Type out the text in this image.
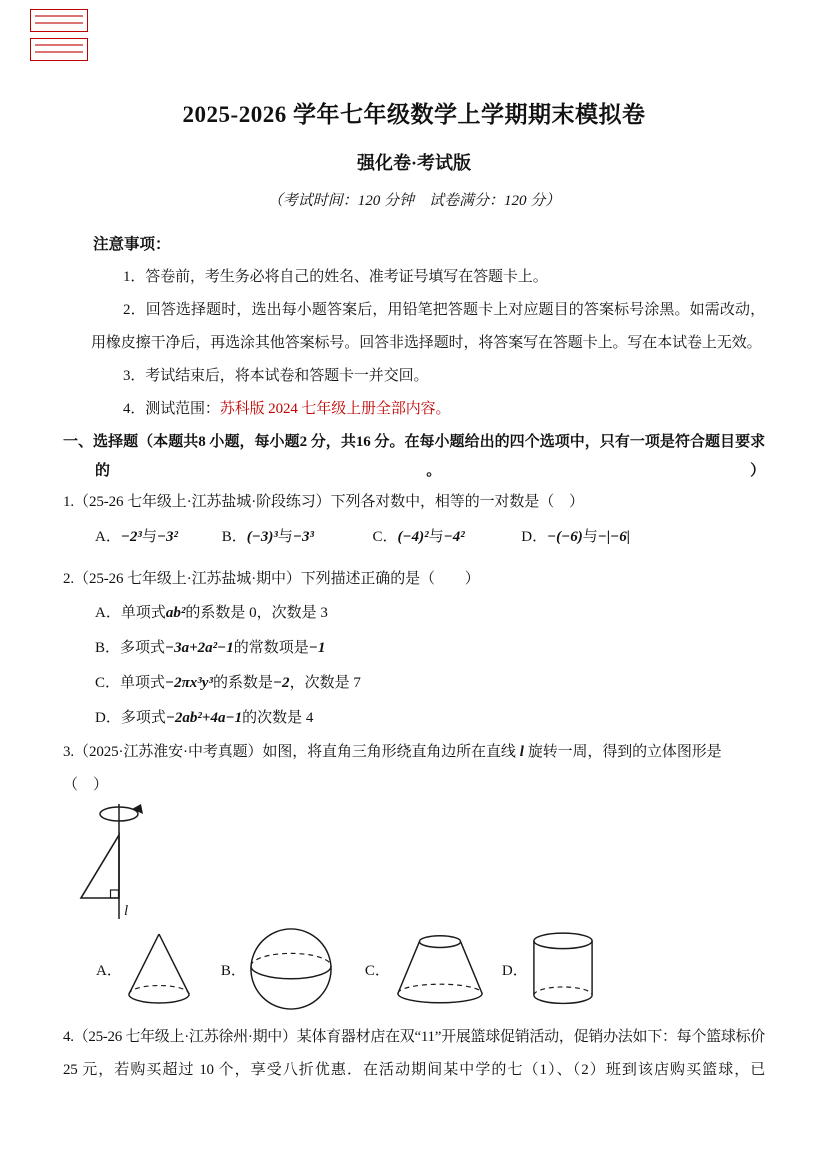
2025-2026 学年七年级数学上学期期末模拟卷
强化卷·考试版
（考试时间：120 分钟　试卷满分：120 分）

注意事项：

1．答卷前，考生务必将自己的姓名、准考证号填写在答题卡上。

2．回答选择题时，选出每小题答案后，用铅笔把答题卡上对应题目的答案标号涂黑。如需改动，用橡皮擦干净后，再选涂其他答案标号。回答非选择题时，将答案写在答题卡上。写在本试卷上无效。

3．考试结束后，将本试卷和答题卡一并交回。

4．测试范围：苏科版 2024 七年级上册全部内容。

一、选择题（本题共8 小题，每小题2 分，共16 分。在每小题给出的四个选项中，只有一项是符合题目要求的。）

1.（25-26 七年级上·江苏盐城·阶段练习）下列各对数中，相等的一对数是（　）

A．−2³与−3²	B．(−3)³与−3³	C．(−4)²与−4²	D．−(−6)与−|−6|

2.（25-26 七年级上·江苏盐城·期中）下列描述正确的是（　　）

A．单项式ab²的系数是 0，次数是 3

B．多项式−3a+2a²−1的常数项是−1

C．单项式−2πx³y³的系数是−2，次数是 7

D．多项式−2ab²+4a−1的次数是 4

3.（2025·江苏淮安·中考真题）如图，将直角三角形绕直角边所在直线 l 旋转一周，得到的立体图形是

（　）

l
A．	B．	C．	D．

4.（25-26 七年级上·江苏徐州·期中）某体育器材店在双“11”开展篮球促销活动，促销办法如下：每个篮球标价 25 元，若购买超过 10 个，享受八折优惠．在活动期间某中学的七（1）、（2）班到该店购买篮球，已
